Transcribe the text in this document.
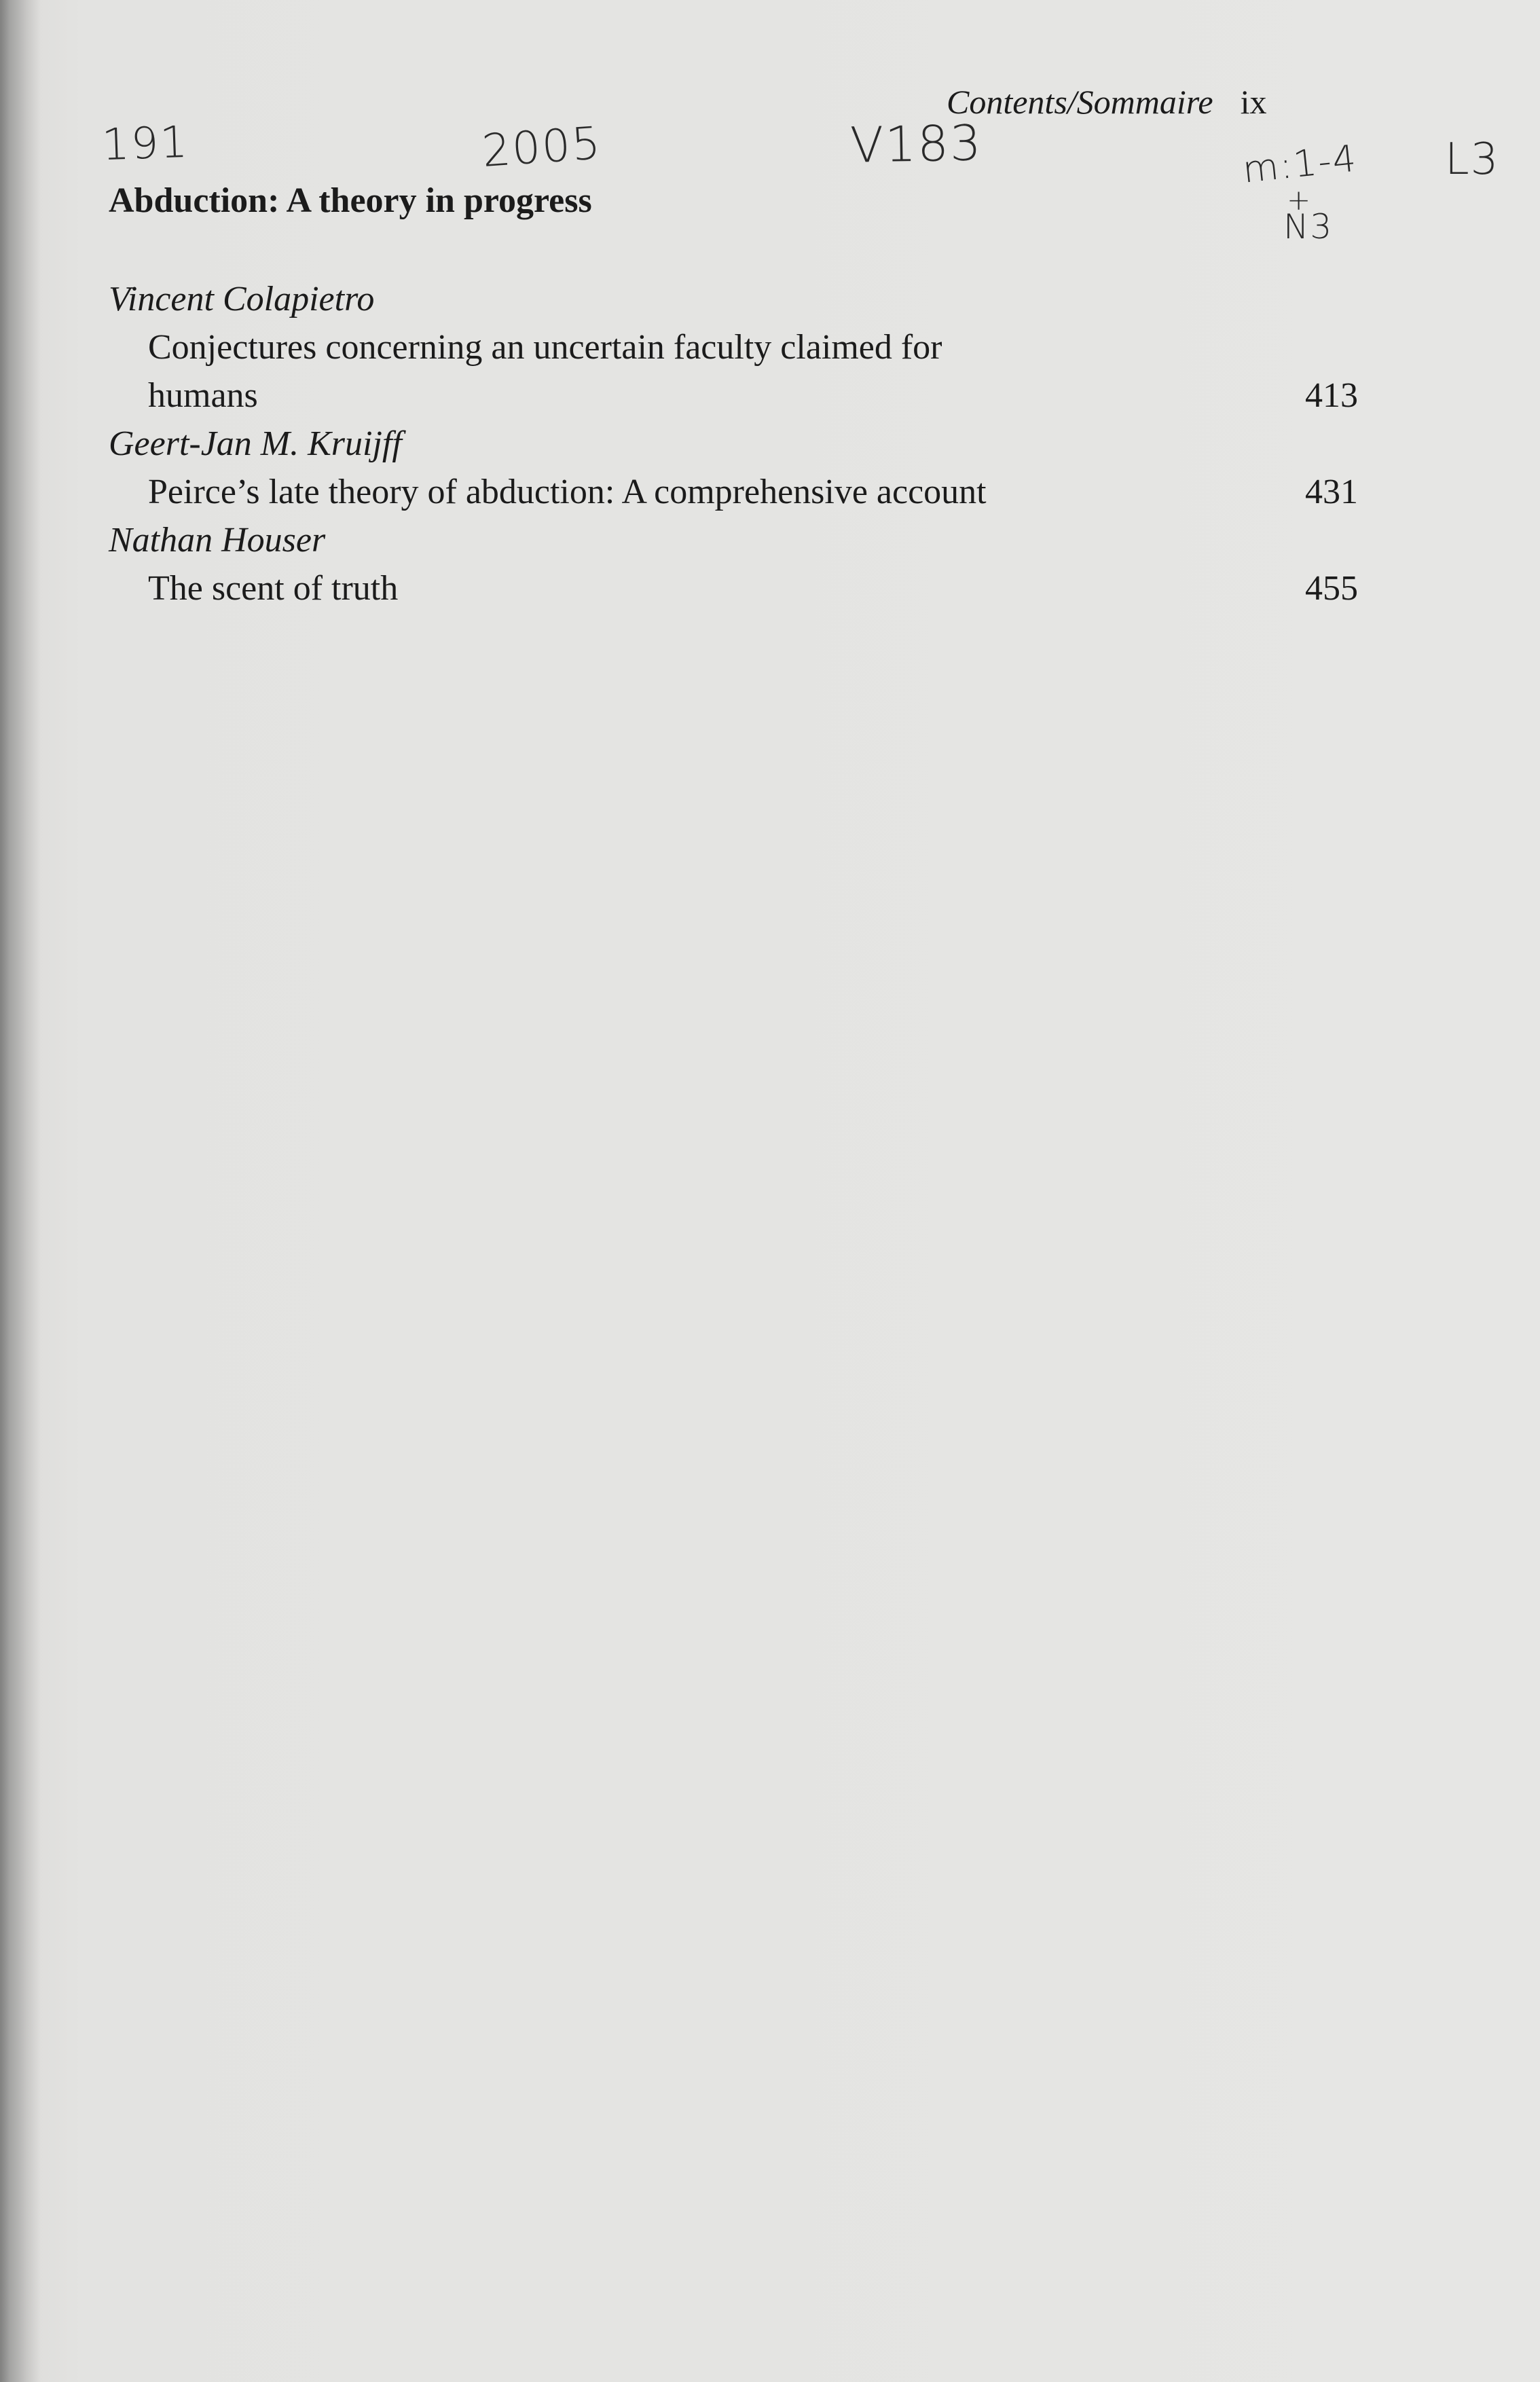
Contents/Sommaire ix
191	2005	V183	m:1-4 L3
+
N3
Abduction: A theory in progress
Vincent Colapietro
Conjectures concerning an uncertain faculty claimed for
humans	413
Geert-Jan M. Kruijff
Peirce’s late theory of abduction: A comprehensive account	431
Nathan Houser
The scent of truth	455
